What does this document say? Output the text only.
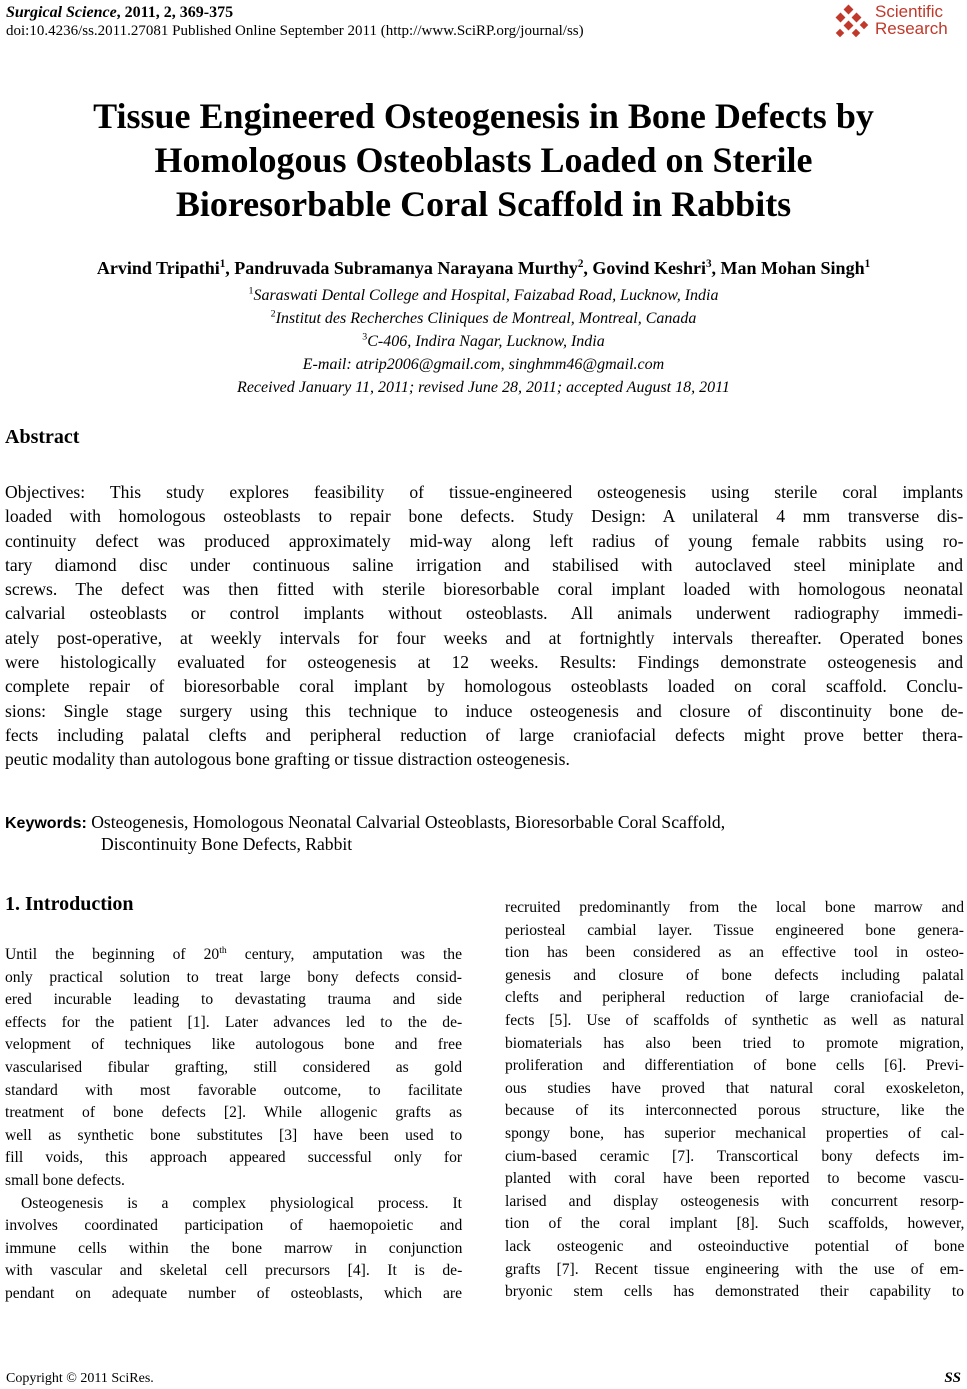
Surgical Science, 2011, 2, 369-375
doi:10.4236/ss.2011.27081 Published Online September 2011 (http://www.SciRP.org/journal/ss)
Scientific
Research
Tissue Engineered Osteogenesis in Bone Defects by
Homologous Osteoblasts Loaded on Sterile
Bioresorbable Coral Scaffold in Rabbits
Arvind Tripathi$^1$, Pandruvada Subramanya Narayana Murthy$^2$, Govind Keshri$^3$, Man Mohan Singh$^1$
$^1$Saraswati Dental College and Hospital, Faizabad Road, Lucknow, India
$^2$Institut des Recherches Cliniques de Montreal, Montreal, Canada
$^3$C-406, Indira Nagar, Lucknow, India
E-mail: atrip2006@gmail.com, singhmm46@gmail.com
Received January 11, 2011; revised June 28, 2011; accepted August 18, 2011
Abstract
Objectives: This study explores feasibility of tissue-engineered osteogenesis using sterile coral implants
loaded with homologous osteoblasts to repair bone defects. Study Design: A unilateral 4 mm transverse dis-
continuity defect was produced approximately mid-way along left radius of young female rabbits using ro-
tary diamond disc under continuous saline irrigation and stabilised with autoclaved steel miniplate and
screws. The defect was then fitted with sterile bioresorbable coral implant loaded with homologous neonatal
calvarial osteoblasts or control implants without osteoblasts. All animals underwent radiography immedi-
ately post-operative, at weekly intervals for four weeks and at fortnightly intervals thereafter. Operated bones
were histologically evaluated for osteogenesis at 12 weeks. Results: Findings demonstrate osteogenesis and
complete repair of bioresorbable coral implant by homologous osteoblasts loaded on coral scaffold. Conclu-
sions: Single stage surgery using this technique to induce osteogenesis and closure of discontinuity bone de-
fects including palatal clefts and peripheral reduction of large craniofacial defects might prove better thera-
peutic modality than autologous bone grafting or tissue distraction osteogenesis.
Keywords: Osteogenesis, Homologous Neonatal Calvarial Osteoblasts, Bioresorbable Coral Scaffold,
Discontinuity Bone Defects, Rabbit
1. Introduction
Until the beginning of 20th century, amputation was the
only practical solution to treat large bony defects consid-
ered incurable leading to devastating trauma and side
effects for the patient [1]. Later advances led to the de-
velopment of techniques like autologous bone and free
vascularised fibular grafting, still considered as gold
standard with most favorable outcome, to facilitate
treatment of bone defects [2]. While allogenic grafts as
well as synthetic bone substitutes [3] have been used to
fill voids, this approach appeared successful only for
small bone defects.
Osteogenesis is a complex physiological process. It
involves coordinated participation of haemopoietic and
immune cells within the bone marrow in conjunction
with vascular and skeletal cell precursors [4]. It is de-
pendant on adequate number of osteoblasts, which are
recruited predominantly from the local bone marrow and
periosteal cambial layer. Tissue engineered bone genera-
tion has been considered as an effective tool in osteo-
genesis and closure of bone defects including palatal
clefts and peripheral reduction of large craniofacial de-
fects [5]. Use of scaffolds of synthetic as well as natural
biomaterials has also been tried to promote migration,
proliferation and differentiation of bone cells [6]. Previ-
ous studies have proved that natural coral exoskeleton,
because of its interconnected porous structure, like the
spongy bone, has superior mechanical properties of cal-
cium-based ceramic [7]. Transcortical bony defects im-
planted with coral have been reported to become vascu-
larised and display osteogenesis with concurrent resorp-
tion of the coral implant [8]. Such scaffolds, however,
lack osteogenic and osteoinductive potential of bone
grafts [7]. Recent tissue engineering with the use of em-
bryonic stem cells has demonstrated their capability to
Copyright © 2011 SciRes.	SS
